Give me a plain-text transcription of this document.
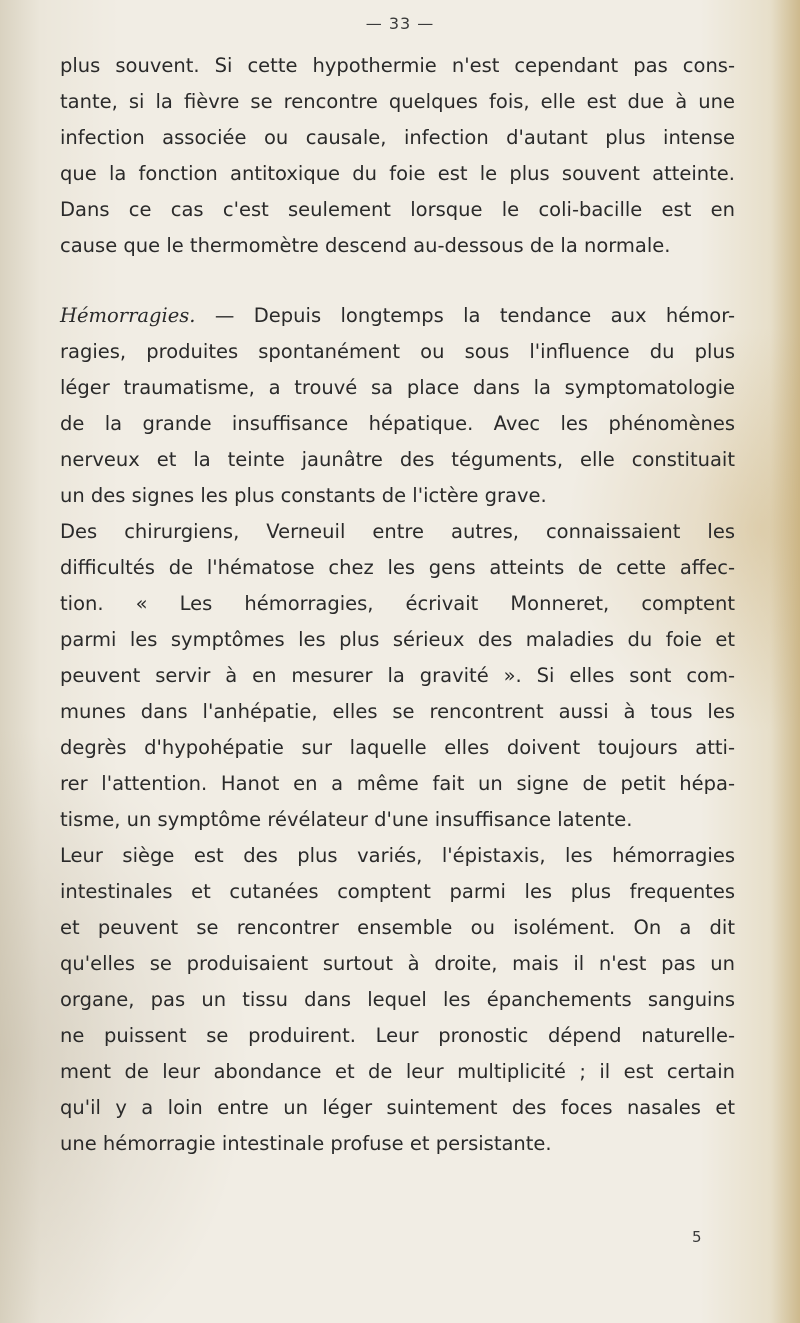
— 33 —
plus souvent. Si cette hypothermie n'est cependant pas cons-
tante, si la fièvre se rencontre quelques fois, elle est due à une
infection associée ou causale, infection d'autant plus intense
que la fonction antitoxique du foie est le plus souvent atteinte.
Dans ce cas c'est seulement lorsque le coli-bacille est en
cause que le thermomètre descend au-dessous de la normale.
Hémorragies. — Depuis longtemps la tendance aux hémor-
ragies, produites spontanément ou sous l'influence du plus
léger traumatisme, a trouvé sa place dans la symptomatologie
de la grande insuffisance hépatique. Avec les phénomènes
nerveux et la teinte jaunâtre des téguments, elle constituait
un des signes les plus constants de l'ictère grave.
Des chirurgiens, Verneuil entre autres, connaissaient les
difficultés de l'hématose chez les gens atteints de cette affec-
tion. « Les hémorragies, écrivait Monneret, comptent
parmi les symptômes les plus sérieux des maladies du foie et
peuvent servir à en mesurer la gravité ». Si elles sont com-
munes dans l'anhépatie, elles se rencontrent aussi à tous les
degrès d'hypohépatie sur laquelle elles doivent toujours atti-
rer l'attention. Hanot en a même fait un signe de petit hépa-
tisme, un symptôme révélateur d'une insuffisance latente.
Leur siège est des plus variés, l'épistaxis, les hémorragies
intestinales et cutanées comptent parmi les plus frequentes
et peuvent se rencontrer ensemble ou isolément. On a dit
qu'elles se produisaient surtout à droite, mais il n'est pas un
organe, pas un tissu dans lequel les épanchements sanguins
ne puissent se produirent. Leur pronostic dépend naturelle-
ment de leur abondance et de leur multiplicité ; il est certain
qu'il y a loin entre un léger suintement des foces nasales et
une hémorragie intestinale profuse et persistante.
5
